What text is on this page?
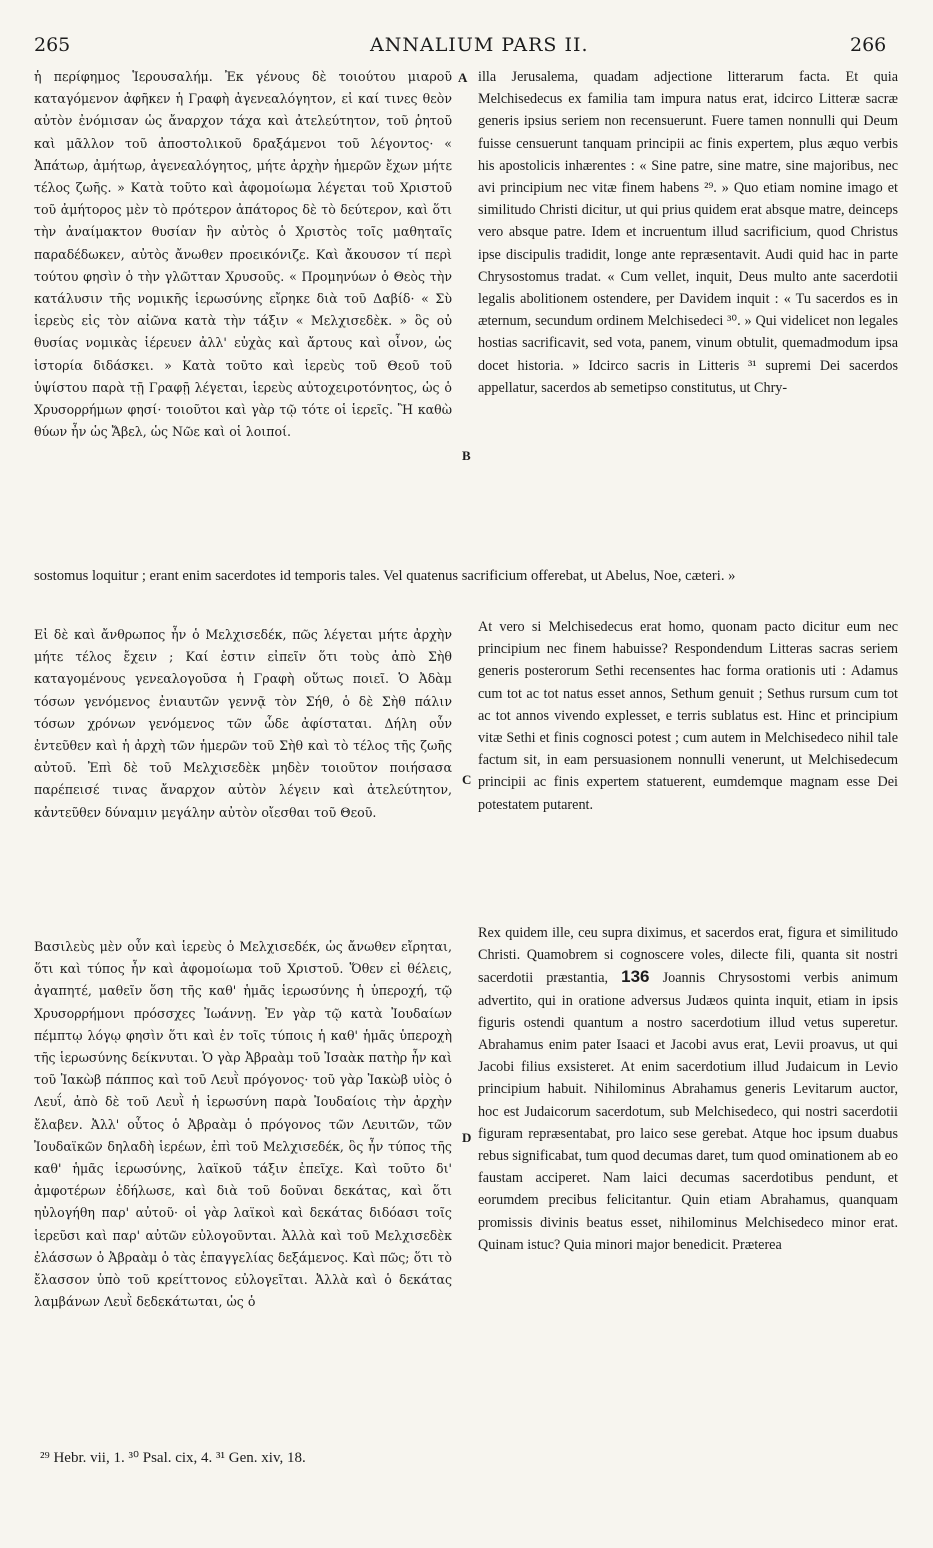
265	ANNALIUM PARS II.	266
A
B
C
D

ἡ περίφημος Ἱερουσαλήμ. Ἐκ γένους δὲ τοιούτου μιαροῦ καταγόμενον ἀφῆκεν ἡ Γραφὴ ἀγενεαλόγητον, εἰ καί τινες θεὸν αὐτὸν ἐνόμισαν ὡς ἄναρχον τάχα καὶ ἀτελεύτητον, τοῦ ῥητοῦ καὶ μᾶλλον τοῦ ἀποστολικοῦ δραξάμενοι τοῦ λέγοντος· « Ἀπάτωρ, ἀμήτωρ, ἀγενεαλόγητος, μήτε ἀρχὴν ἡμερῶν ἔχων μήτε τέλος ζωῆς. » Κατὰ τοῦτο καὶ ἀφομοίωμα λέγεται τοῦ Χριστοῦ τοῦ ἀμήτορος μὲν τὸ πρότερον ἀπάτορος δὲ τὸ δεύτερον, καὶ ὅτι τὴν ἀναίμακτον θυσίαν ἣν αὐτὸς ὁ Χριστὸς τοῖς μαθηταῖς παραδέδωκεν, αὐτὸς ἄνωθεν προεικόνιζε. Καὶ ἄκουσον τί περὶ τούτου φησὶν ὁ τὴν γλῶτταν Χρυσοῦς. « Προμηνύων ὁ Θεὸς τὴν κατάλυσιν τῆς νομικῆς ἱερωσύνης εἴρηκε διὰ τοῦ Δαβίδ· « Σὺ ἱερεὺς εἰς τὸν αἰῶνα κατὰ τὴν τάξιν « Μελχισεδὲκ. » ὃς οὐ θυσίας νομικὰς ἱέρευεν ἀλλ' εὐχὰς καὶ ἄρτους καὶ οἶνον, ὡς ἱστορία διδάσκει. » Κατὰ τοῦτο καὶ ἱερεὺς τοῦ Θεοῦ τοῦ ὑψίστου παρὰ τῇ Γραφῇ λέγεται, ἱερεὺς αὐτοχειροτόνητος, ὡς ὁ Χρυσορρήμων φησί· τοιοῦτοι καὶ γὰρ τῷ τότε οἱ ἱερεῖς. Ἢ καθὼ θύων ἦν ὡς Ἄβελ, ὡς Νῶε καὶ οἱ λοιποί.

illa Jerusalema, quadam adjectione litterarum facta. Et quia Melchisedecus ex familia tam impura natus erat, idcirco Litteræ sacræ generis ipsius seriem non recensuerunt. Fuere tamen nonnulli qui Deum fuisse censuerunt tanquam principii ac finis expertem, plus æquo verbis his apostolicis inhærentes : « Sine patre, sine matre, sine majoribus, nec avi principium nec vitæ finem habens ²⁹. » Quo etiam nomine imago et similitudo Christi dicitur, ut qui prius quidem erat absque matre, deinceps vero absque patre. Idem et incruentum illud sacrificium, quod Christus ipse discipulis tradidit, longe ante repræsentavit. Audi quid hac in parte Chrysostomus tradat. « Cum vellet, inquit, Deus multo ante sacerdotii legalis abolitionem ostendere, per Davidem inquit : « Tu sacerdos es in æternum, secundum ordinem Melchisedeci ³⁰. » Qui videlicet non legales hostias sacrificavit, sed vota, panem, vinum obtulit, quemadmodum ipsa docet historia. » Idcirco sacris in Litteris ³¹ supremi Dei sacerdos appellatur, sacerdos ab semetipso constitutus, ut Chry-

sostomus loquitur ; erant enim sacerdotes id temporis tales. Vel quatenus sacrificium offerebat, ut Abelus, Noe, cæteri. »

Εἰ δὲ καὶ ἄνθρωπος ἦν ὁ Μελχισεδέκ, πῶς λέγεται μήτε ἀρχὴν μήτε τέλος ἔχειν ; Καί ἐστιν εἰπεῖν ὅτι τοὺς ἀπὸ Σὴθ καταγομένους γενεαλογοῦσα ἡ Γραφὴ οὕτως ποιεῖ. Ὁ Ἀδὰμ τόσων γενόμενος ἐνιαυτῶν γεννᾷ τὸν Σήθ, ὁ δὲ Σὴθ πάλιν τόσων χρόνων γενόμενος τῶν ὧδε ἀφίσταται. Δήλη οὖν ἐντεῦθεν καὶ ἡ ἀρχὴ τῶν ἡμερῶν τοῦ Σὴθ καὶ τὸ τέλος τῆς ζωῆς αὐτοῦ. Ἐπὶ δὲ τοῦ Μελχισεδὲκ μηδὲν τοιοῦτον ποιήσασα παρέπεισέ τινας ἄναρχον αὐτὸν λέγειν καὶ ἀτελεύτητον, κἀντεῦθεν δύναμιν μεγάλην αὐτὸν οἴεσθαι τοῦ Θεοῦ.

At vero si Melchisedecus erat homo, quonam pacto dicitur eum nec principium nec finem habuisse? Respondendum Litteras sacras seriem generis posterorum Sethi recensentes hac forma orationis uti : Adamus cum tot ac tot natus esset annos, Sethum genuit ; Sethus rursum cum tot ac tot annos vivendo explesset, e terris sublatus est. Hinc et principium vitæ Sethi et finis cognosci potest ; cum autem in Melchisedeco nihil tale factum sit, in eam persuasionem nonnulli venerunt, ut Melchisedecum principii ac finis expertem statuerent, eumdemque magnam esse Dei potestatem putarent.

Βασιλεὺς μὲν οὖν καὶ ἱερεὺς ὁ Μελχισεδέκ, ὡς ἄνωθεν εἴρηται, ὅτι καὶ τύπος ἦν καὶ ἀφομοίωμα τοῦ Χριστοῦ. Ὅθεν εἰ θέλεις, ἀγαπητέ, μαθεῖν ὅση τῆς καθ' ἡμᾶς ἱερωσύνης ἡ ὑπεροχή, τῷ Χρυσορρήμονι πρόσσχες Ἰωάννῃ. Ἐν γὰρ τῷ κατὰ Ἰουδαίων πέμπτῳ λόγῳ φησὶν ὅτι καὶ ἐν τοῖς τύποις ἡ καθ' ἡμᾶς ὑπεροχὴ τῆς ἱερωσύνης δείκνυται. Ὁ γὰρ Ἀβραὰμ τοῦ Ἰσαὰκ πατὴρ ἦν καὶ τοῦ Ἰακὼβ πάππος καὶ τοῦ Λευῒ πρόγονος· τοῦ γὰρ Ἰακὼβ υἱὸς ὁ Λευΐ, ἀπὸ δὲ τοῦ Λευῒ ἡ ἱερωσύνη παρὰ Ἰουδαίοις τὴν ἀρχὴν ἔλαβεν. Ἀλλ' οὗτος ὁ Ἀβραὰμ ὁ πρόγονος τῶν Λευιτῶν, τῶν Ἰουδαϊκῶν δηλαδὴ ἱερέων, ἐπὶ τοῦ Μελχισεδέκ, ὃς ἦν τύπος τῆς καθ' ἡμᾶς ἱερωσύνης, λαϊκοῦ τάξιν ἐπεῖχε. Καὶ τοῦτο δι' ἀμφοτέρων ἐδήλωσε, καὶ διὰ τοῦ δοῦναι δεκάτας, καὶ ὅτι ηὐλογήθη παρ' αὐτοῦ· οἱ γὰρ λαϊκοὶ καὶ δεκάτας διδόασι τοῖς ἱερεῦσι καὶ παρ' αὐτῶν εὐλογοῦνται. Ἀλλὰ καὶ τοῦ Μελχισεδὲκ ἐλάσσων ὁ Ἀβραὰμ ὁ τὰς ἐπαγγελίας δεξάμενος. Καὶ πῶς; ὅτι τὸ ἔλασσον ὑπὸ τοῦ κρείττονος εὐλογεῖται. Ἀλλὰ καὶ ὁ δεκάτας λαμβάνων Λευῒ δεδεκάτωται, ὡς ὁ

Rex quidem ille, ceu supra diximus, et sacerdos erat, figura et similitudo Christi. Quamobrem si cognoscere voles, dilecte fili, quanta sit nostri sacerdotii præstantia, 136 Joannis Chrysostomi verbis animum advertito, qui in oratione adversus Judæos quinta inquit, etiam in ipsis figuris ostendi quantum a nostro sacerdotium illud vetus superetur. Abrahamus enim pater Isaaci et Jacobi avus erat, Levii proavus, ut qui Jacobi filius exsisteret. At enim sacerdotium illud Judaicum in Levio principium habuit. Nihilominus Abrahamus generis Levitarum auctor, hoc est Judaicorum sacerdotum, sub Melchisedeco, qui nostri sacerdotii figuram repræsentabat, pro laico sese gerebat. Atque hoc ipsum duabus rebus significabat, tum quod decumas daret, tum quod ominationem ab eo faustam acciperet. Nam laici decumas sacerdotibus pendunt, et eorumdem precibus felicitantur. Quin etiam Abrahamus, quanquam promissis divinis beatus esset, nihilominus Melchisedeco minor erat. Quinam istuc? Quia minori major benedicit. Præterea

²⁹ Hebr. vii, 1. ³⁰ Psal. cix, 4. ³¹ Gen. xiv, 18.
